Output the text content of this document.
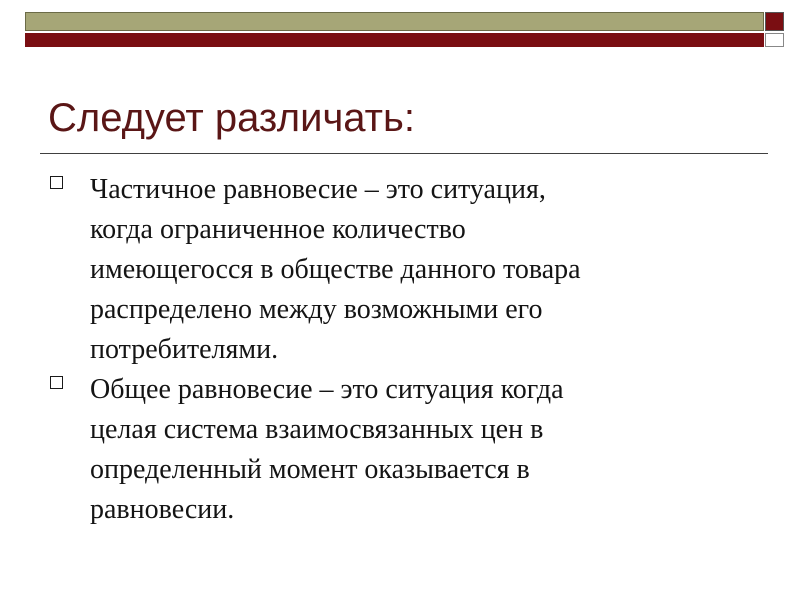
Следует различать:
Частичное равновесие – это ситуация,
когда ограниченное количество
имеющегосся в обществе данного товара
распределено между возможными его
потребителями.
Общее равновесие – это ситуация когда
целая система взаимосвязанных цен в
определенный момент оказывается в
равновесии.
